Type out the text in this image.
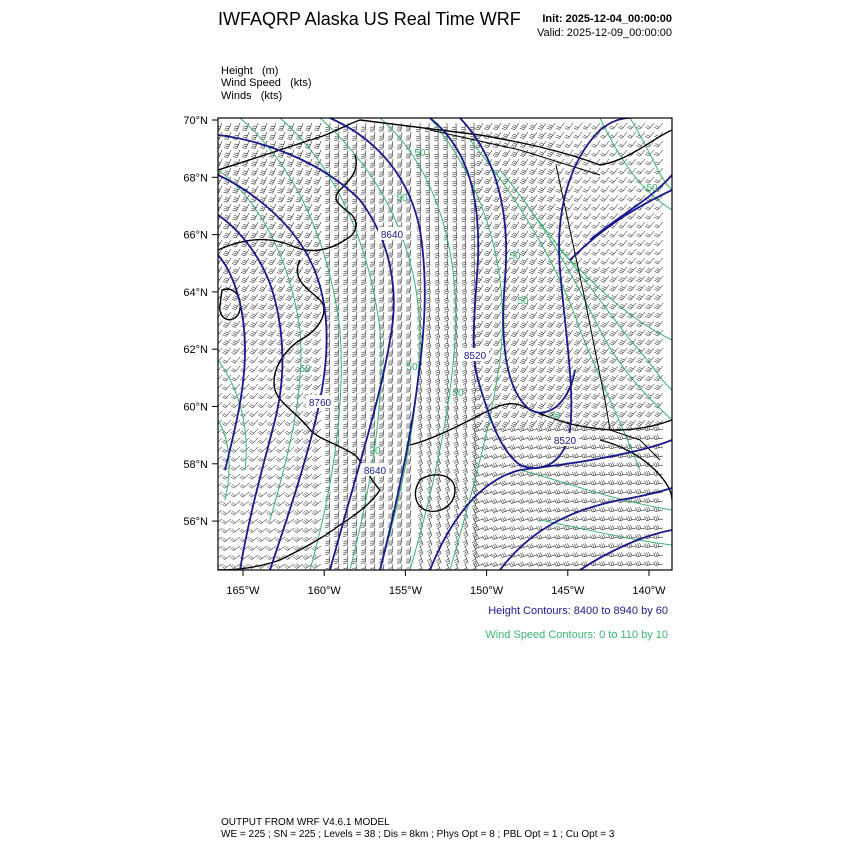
IWFAQRP Alaska US Real Time WRF Init: 2025-12-04_00:00:00
Valid: 2025-12-09_00:00:00
Height (m)
Wind Speed (kts)
Winds (kts)
70°N
68°N
66°N
64°N
62°N
60°N
58°N
56°N
165°W	160°W	155°W	150°W	145°W	140°W
8640
8520
8760
8520
8640
50
50
50
50
50	50
50
30
30
50
Height Contours: 8400 to 8940 by 60
Wind Speed Contours: 0 to 110 by 10
OUTPUT FROM WRF V4.6.1 MODEL
WE = 225 ; SN = 225 ; Levels = 38 ; Dis = 8km ; Phys Opt = 8 ; PBL Opt = 1 ; Cu Opt = 3
